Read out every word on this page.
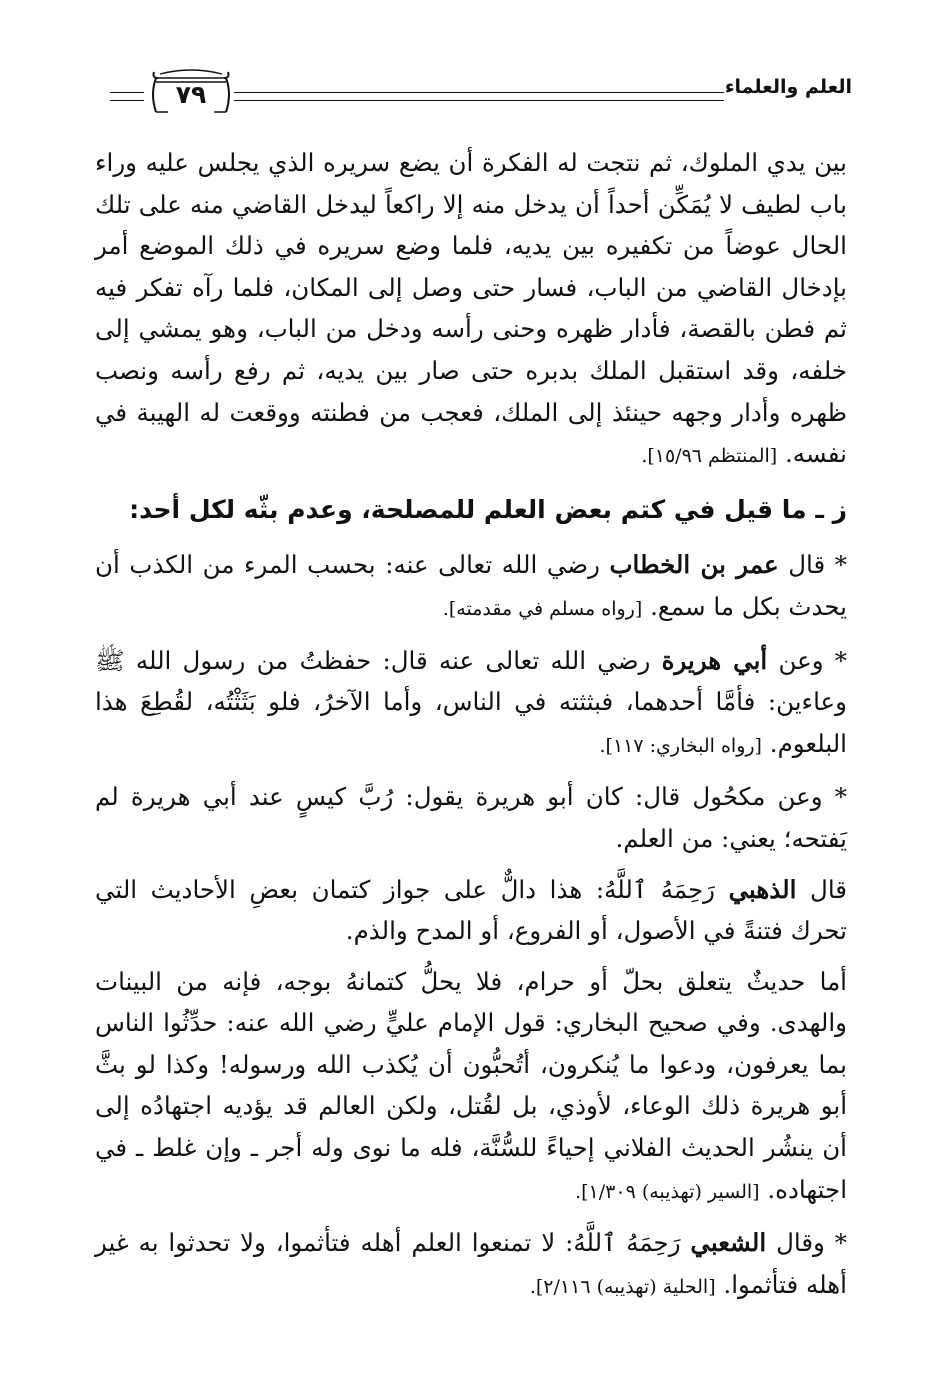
٧٩	العلم والعلماء

بين يدي الملوك، ثم نتجت له الفكرة أن يضع سريره الذي يجلس عليه وراء باب لطيف لا يُمَكِّن أحداً أن يدخل منه إلا راكعاً ليدخل القاضي منه على تلك الحال عوضاً من تكفيره بين يديه، فلما وضع سريره في ذلك الموضع أمر بإدخال القاضي من الباب، فسار حتى وصل إلى المكان، فلما رآه تفكر فيه ثم فطن بالقصة، فأدار ظهره وحنى رأسه ودخل من الباب، وهو يمشي إلى خلفه، وقد استقبل الملك بدبره حتى صار بين يديه، ثم رفع رأسه ونصب ظهره وأدار وجهه حينئذ إلى الملك، فعجب من فطنته ووقعت له الهيبة في نفسه. [المنتظم ١٥/٩٦].

ز ـ ما قيل في كتم بعض العلم للمصلحة، وعدم بثّه لكل أحد:

* قال عمر بن الخطاب رضي الله تعالى عنه: بحسب المرء من الكذب أن يحدث بكل ما سمع. [رواه مسلم في مقدمته].

* وعن أبي هريرة رضي الله تعالى عنه قال: حفظتُ من رسول الله ﷺ وعاءين: فأمَّا أحدهما، فبثثته في الناس، وأما الآخرُ، فلو بَثَثْتُه، لقُطِعَ هذا البلعوم. [رواه البخاري: ١١٧].

* وعن مكحُول قال: كان أبو هريرة يقول: رُبَّ كيسٍ عند أبي هريرة لم يَفتحه؛ يعني: من العلم.

قال الذهبي رَحِمَهُ ٱللَّهُ: هذا دالٌّ على جواز كتمان بعضِ الأحاديث التي تحرك فتنةً في الأصول، أو الفروع، أو المدح والذم.

أما حديثٌ يتعلق بحلّ أو حرام، فلا يحلُّ كتمانهُ بوجه، فإنه من البينات والهدى. وفي صحيح البخاري: قول الإمام عليٍّ رضي الله عنه: حدِّثُوا الناس بما يعرفون، ودعوا ما يُنكرون، أتُحبُّون أن يُكذب الله ورسوله! وكذا لو بثَّ أبو هريرة ذلك الوعاء، لأوذي، بل لقُتل، ولكن العالم قد يؤديه اجتهادُه إلى أن ينشُر الحديث الفلاني إحياءً للسُّنَّة، فله ما نوى وله أجر ـ وإن غلط ـ في اجتهاده. [السير (تهذيبه) ١/٣٠٩].

* وقال الشعبي رَحِمَهُ ٱللَّهُ: لا تمنعوا العلم أهله فتأثموا، ولا تحدثوا به غير أهله فتأثموا. [الحلية (تهذيبه) ٢/١١٦].
